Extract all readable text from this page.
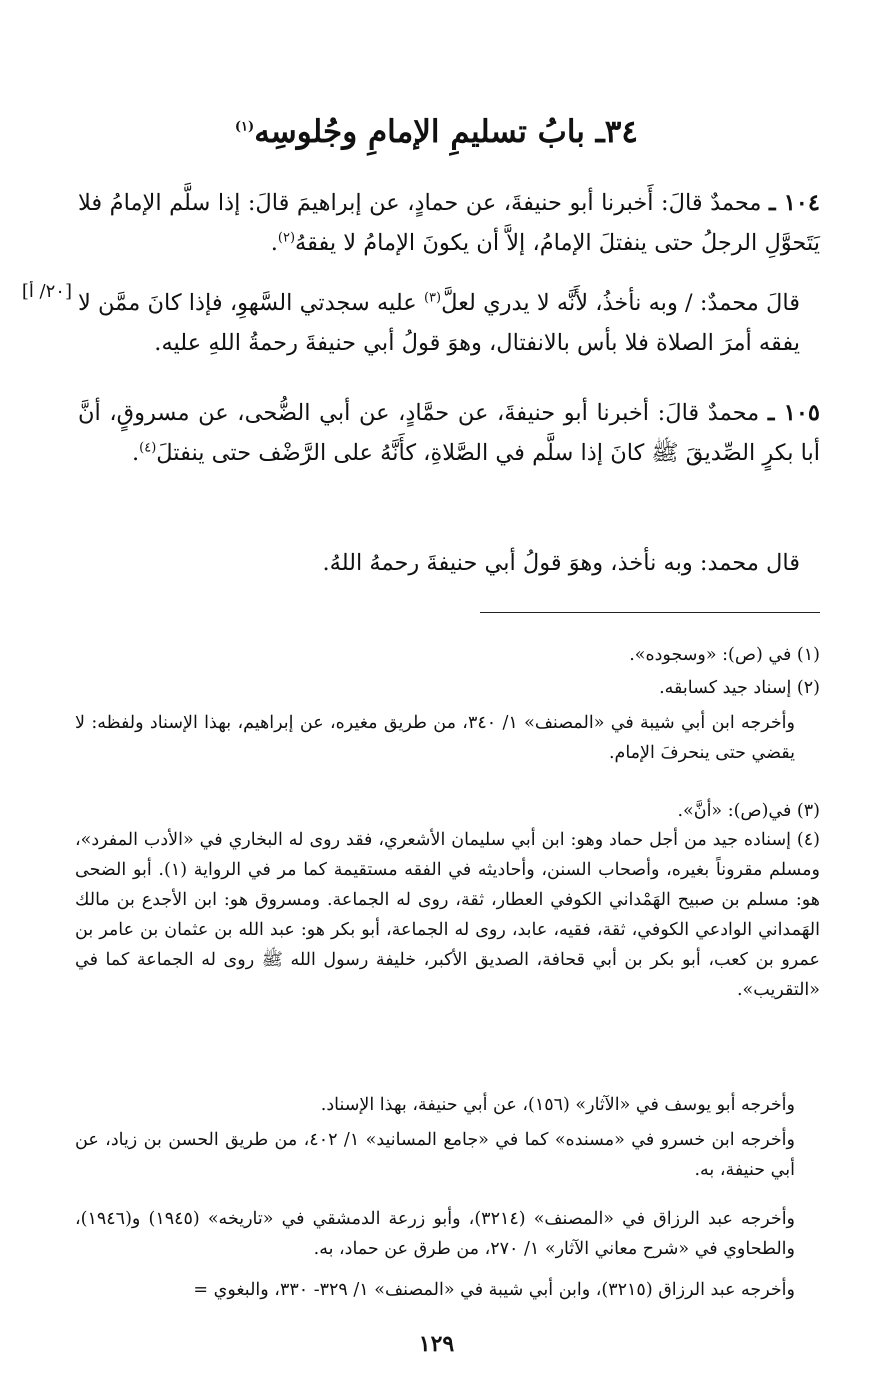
٣٤ـ بابُ تسليمِ الإمامِ وجُلوسِه$^{(١)}$
١٠٤ ـ محمدٌ قالَ: أَخبرنا أبو حنيفةَ، عن حمادٍ، عن إبراهيمَ قالَ: إذا سلَّم الإمامُ فلا يَتَحوَّلِ الرجلُ حتى ينفتلَ الإمامُ، إلاَّ أن يكونَ الإمامُ لا يفقهُ$^{(٢)}$.
[٢٠/ أ]	قالَ محمدٌ: / وبه نأخذُ، لأَنَّه لا يدري لعلَّ$^{(٣)}$ عليه سجدتي السَّهوِ، فإذا كانَ ممَّن لا يفقه أمرَ الصلاة فلا بأس بالانفتال، وهوَ قولُ أبي حنيفةَ رحمةُ اللهِ عليه.
١٠٥ ـ محمدٌ قالَ: أخبرنا أبو حنيفةَ، عن حمَّادٍ، عن أبي الضُّحى، عن مسروقٍ، أنَّ أبا بكرٍ الصِّديقَ ﷺ كانَ إذا سلَّم في الصَّلاةِ، كأَنَّهُ على الرَّضْف حتى ينفتلَ$^{(٤)}$.
قال محمد: وبه نأخذ، وهوَ قولُ أبي حنيفةَ رحمهُ اللهُ.
(١) في (ص): «وسجوده».
(٢) إسناد جيد كسابقه.
وأخرجه ابن أبي شيبة في «المصنف» ١/ ٣٤٠، من طريق مغيره، عن إبراهيم، بهذا الإسناد ولفظه: لا يقضي حتى ينحرفَ الإمام.
(٣) في(ص): «أنَّ».
(٤) إسناده جيد من أجل حماد وهو: ابن أبي سليمان الأشعري، فقد روى له البخاري في «الأدب المفرد»، ومسلم مقروناً بغيره، وأصحاب السنن، وأحاديثه في الفقه مستقيمة كما مر في الرواية (١). أبو الضحى هو: مسلم بن صبيح الهَمْداني الكوفي العطار، ثقة، روى له الجماعة. ومسروق هو: ابن الأجدع بن مالك الهَمداني الوادعي الكوفي، ثقة، فقيه، عابد، روى له الجماعة، أبو بكر هو: عبد الله بن عثمان بن عامر بن عمرو بن كعب، أبو بكر بن أبي قحافة، الصديق الأكبر، خليفة رسول الله ﷺ روى له الجماعة كما في «التقريب».
وأخرجه أبو يوسف في «الآثار» (١٥٦)، عن أبي حنيفة، بهذا الإسناد.
وأخرجه ابن خسرو في «مسنده» كما في «جامع المسانيد» ١/ ٤٠٢، من طريق الحسن بن زياد، عن أبي حنيفة، به.
وأخرجه عبد الرزاق في «المصنف» (٣٢١٤)، وأبو زرعة الدمشقي في «تاريخه» (١٩٤٥) و(١٩٤٦)، والطحاوي في «شرح معاني الآثار» ١/ ٢٧٠، من طرق عن حماد، به.
وأخرجه عبد الرزاق (٣٢١٥)، وابن أبي شيبة في «المصنف» ١/ ٣٢٩- ٣٣٠، والبغوي =
١٢٩
